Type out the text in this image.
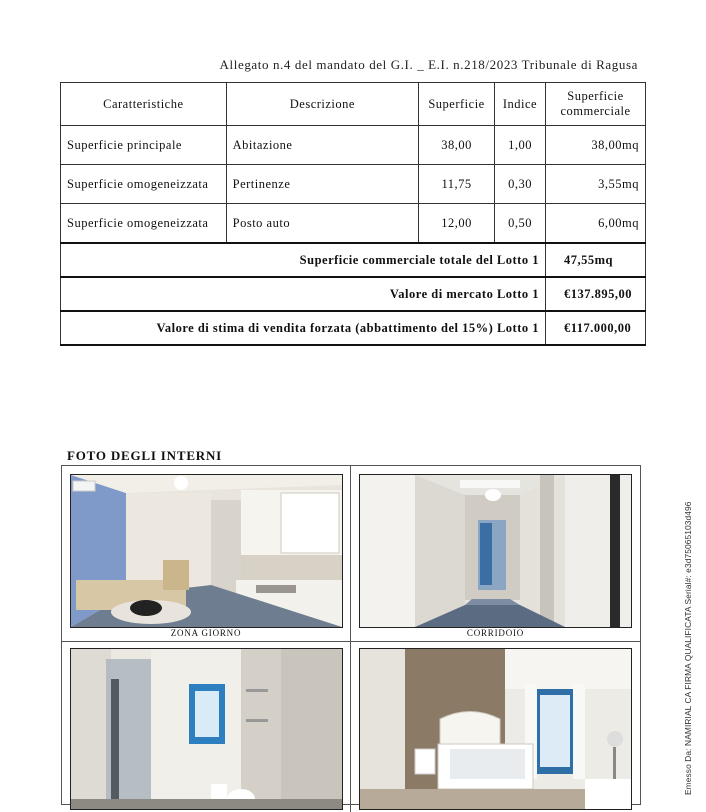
Allegato n.4 del mandato del G.I. _ E.I. n.218/2023 Tribunale di Ragusa
Caratteristiche	Descrizione	Superficie	Indice	Superficie
commerciale
Superficie principale	Abitazione	38,00	1,00	38,00mq
Superficie omogeneizzata	Pertinenze	11,75	0,30	3,55mq
Superficie omogeneizzata	Posto auto	12,00	0,50	6,00mq
Superficie commerciale totale del Lotto 1				47,55mq
Valore di mercato Lotto 1				€137.895,00
Valore di stima di vendita forzata (abbattimento del 15%) Lotto 1				€117.000,00
FOTO DEGLI INTERNI
ZONA GIORNO	CORRIDOIO	Emesso Da: NAMIRIAL CA FIRMA QUALIFICATA Serial#: e3d75065103d496
